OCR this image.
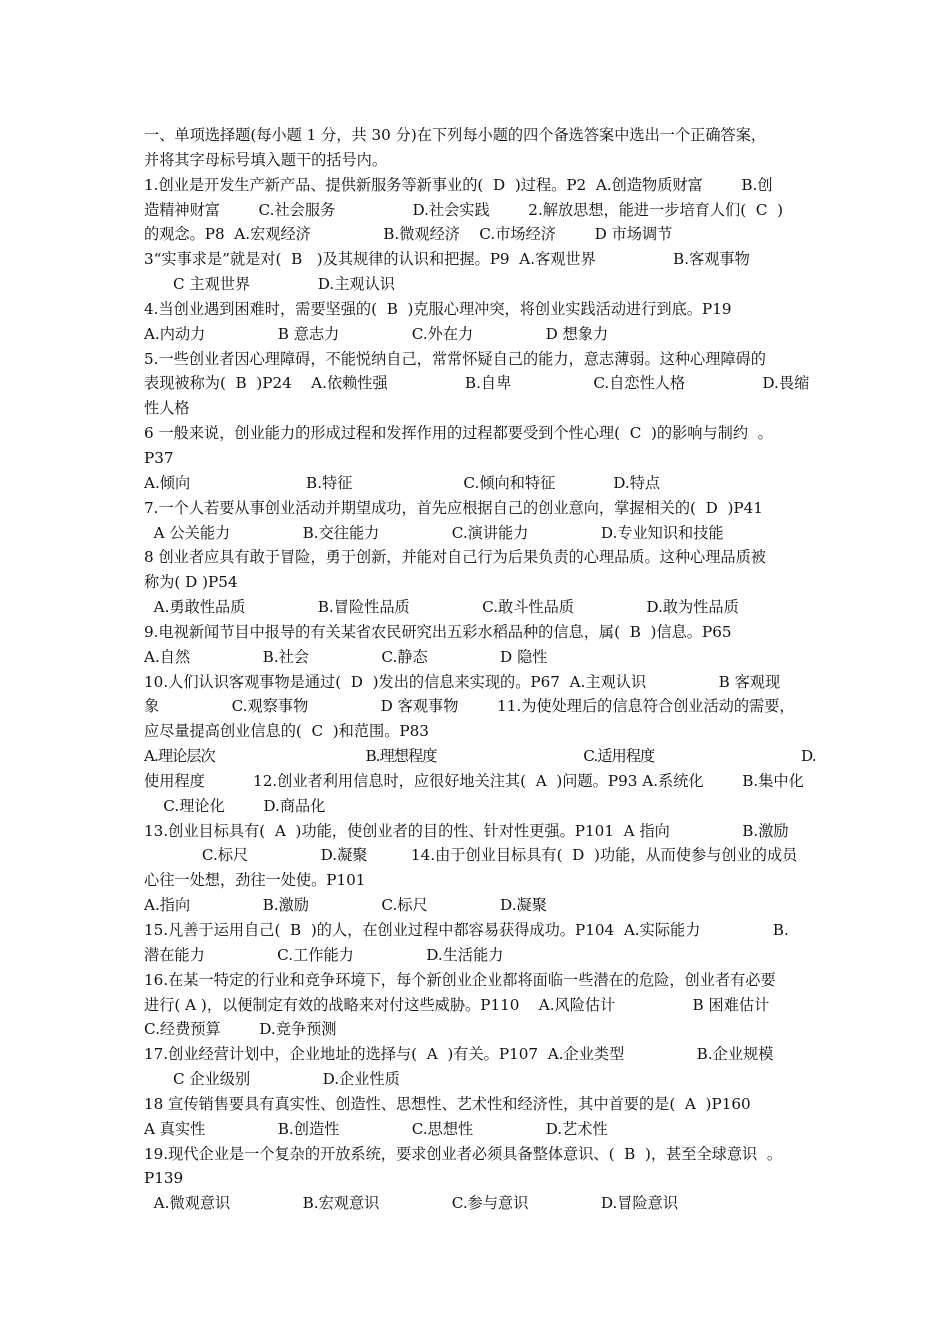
一、单项选择题(每小题 1 分，共 30 分)在下列每小题的四个备选答案中选出一个正确答案，
并将其字母标号填入题干的括号内。
1.创业是开发生产新产品、提供新服务等新事业的(  D  )过程。P2  A.创造物质财富        B.创
造精神财富        C.社会服务                D.社会实践        2.解放思想，能进一步培育人们(  C  )
的观念。P8  A.宏观经济               B.微观经济    C.市场经济        D 市场调节
3“实事求是”就是对(  B   )及其规律的认识和把握。P9  A.客观世界                B.客观事物
C 主观世界              D.主观认识
4.当创业遇到困难时，需要坚强的(  B  )克服心理冲突，将创业实践活动进行到底。P19
A.内动力               B 意志力               C.外在力               D 想象力
5.一些创业者因心理障碍，不能悦纳自己，常常怀疑自己的能力，意志薄弱。这种心理障碍的
表现被称为(  B  )P24    A.依赖性强                B.自卑                 C.自恋性人格                D.畏缩
性人格
6 一般来说，创业能力的形成过程和发挥作用的过程都要受到个性心理(  C  )的影响与制约  。
P37
A.倾向                        B.特征                       C.倾向和特征            D.特点
7.一个人若要从事创业活动并期望成功，首先应根据自己的创业意向，掌握相关的(  D  )P41
A 公关能力               B.交往能力               C.演讲能力               D.专业知识和技能
8 创业者应具有敢于冒险，勇于创新，并能对自己行为后果负责的心理品质。这种心理品质被
称为( D )P54
A.勇敢性品质               B.冒险性品质               C.敢斗性品质               D.敢为性品质
9.电视新闻节目中报导的有关某省农民研究出五彩水稻品种的信息，属(  B  )信息。P65
A.自然               B.社会               C.静态               D 隐性
10.人们认识客观事物是通过(  D  )发出的信息来实现的。P67  A.主观认识               B 客观现
象               C.观察事物               D 客观事物        11.为使处理后的信息符合创业活动的需要，
应尽量提高创业信息的(  C  )和范围。P83
A.理论层次                                       B.理想程度                                      C.适用程度                                      D.
使用程度          12.创业者利用信息时，应很好地关注其(  A  )问题。P93 A.系统化        B.集中化
C.理论化        D.商品化
13.创业目标具有(  A  )功能，使创业者的目的性、针对性更强。P101  A 指向               B.激励
C.标尺               D.凝聚         14.由于创业目标具有(  D  )功能，从而使参与创业的成员
心往一处想，劲往一处使。P101
A.指向               B.激励               C.标尺               D.凝聚
15.凡善于运用自己(  B  )的人，在创业过程中都容易获得成功。P104  A.实际能力               B.
潜在能力               C.工作能力               D.生活能力
16.在某一特定的行业和竞争环境下，每个新创业企业都将面临一些潜在的危险，创业者有必要
进行( A )，以便制定有效的战略来对付这些威胁。P110    A.风险估计                B 困难估计
C.经费预算        D.竞争预测
17.创业经营计划中，企业地址的选择与(  A  )有关。P107  A.企业类型               B.企业规模
C 企业级别               D.企业性质
18 宣传销售要具有真实性、创造性、思想性、艺术性和经济性，其中首要的是(  A  )P160
A 真实性               B.创造性               C.思想性               D.艺术性
19.现代企业是一个复杂的开放系统，要求创业者必须具备整体意识、(  B  )，甚至全球意识  。
P139
A.微观意识               B.宏观意识               C.参与意识               D.冒险意识
